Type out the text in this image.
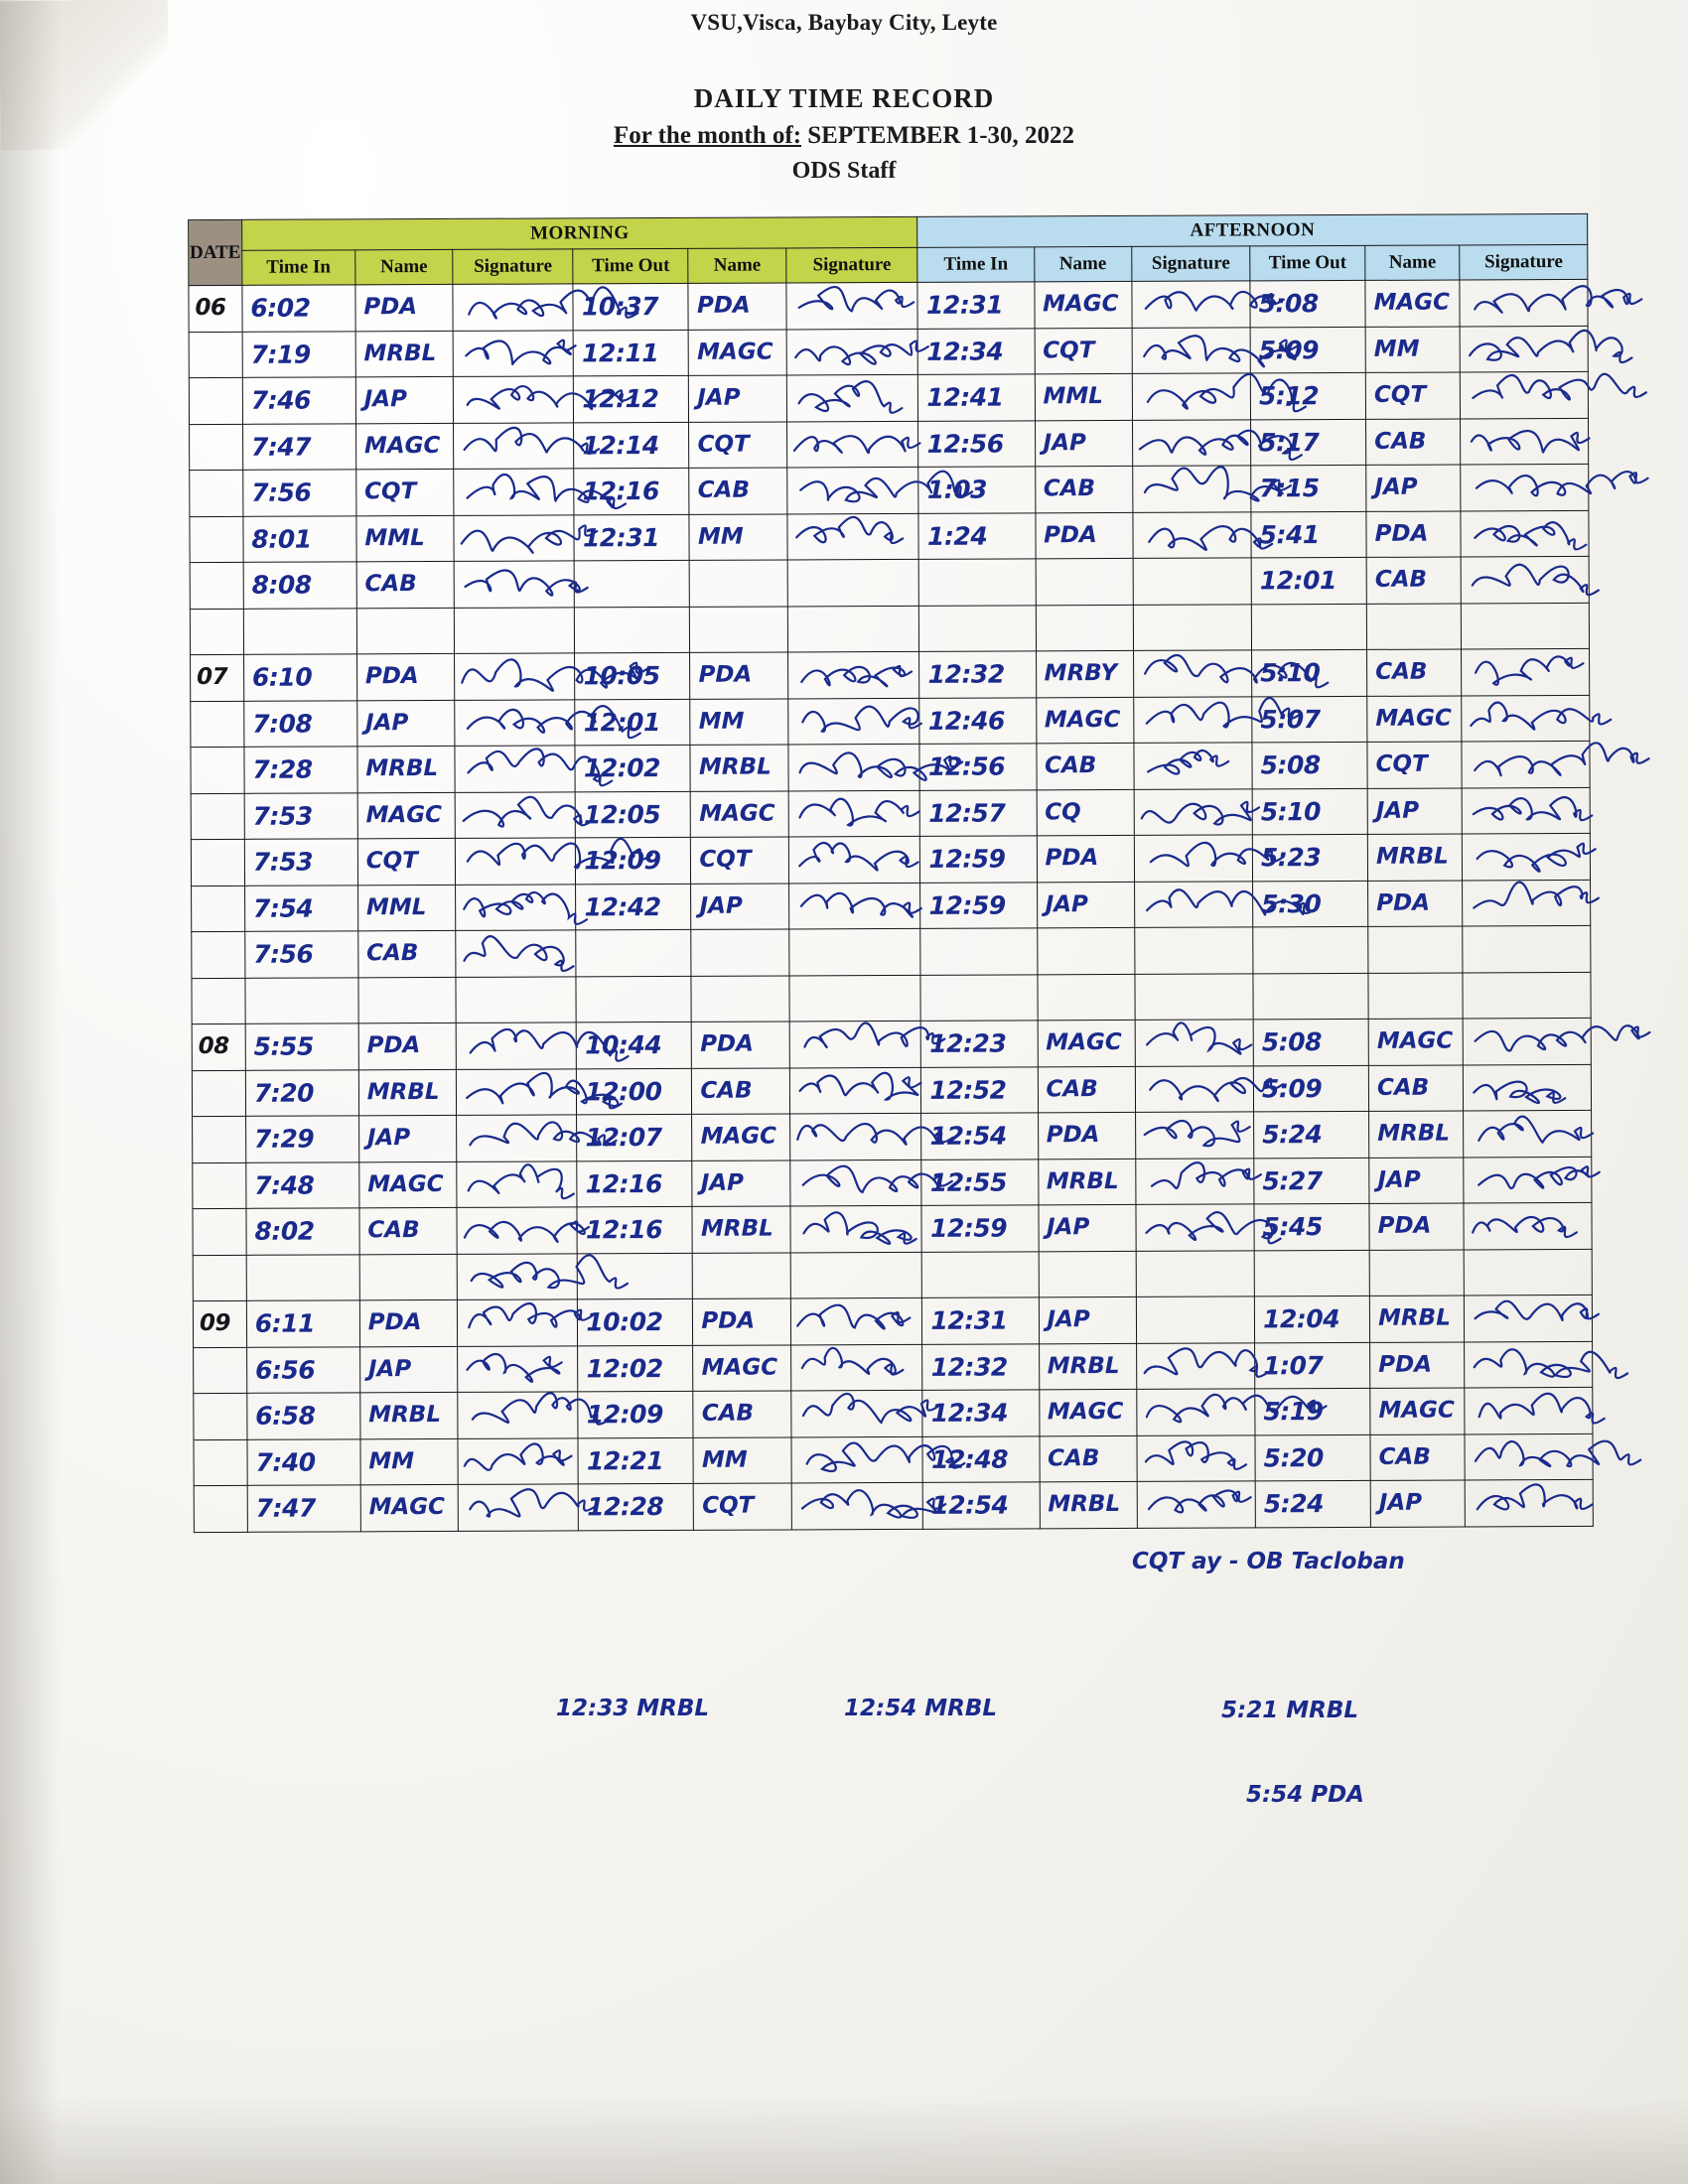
VSU,Visca, Baybay City, Leyte
DAILY TIME RECORD
For the month of: SEPTEMBER 1-30, 2022
ODS Staff
DATE	MORNING						AFTERNOON					
	Time In	Name	Signature	Time Out	Name	Signature	Time In	Name	Signature	Time Out	Name	Signature

06	6:02	PDA		10:37	PDA		12:31	MAGC		5:08	MAGC

	7:19	MRBL		12:11	MAGC		12:34	CQT		5:09	MM

	7:46	JAP		12:12	JAP		12:41	MML		5:12	CQT

	7:47	MAGC		12:14	CQT		12:56	JAP		5:17	CAB

	7:56	CQT		12:16	CAB		1:03	CAB		7:15	JAP

	8:01	MML		12:31	MM		1:24	PDA		5:41	PDA

	8:08	CAB								12:01	CAB

07	6:10	PDA		10:05	PDA		12:32	MRBY		5:10	CAB

	7:08	JAP		12:01	MM		12:46	MAGC		5:07	MAGC

	7:28	MRBL		12:02	MRBL		12:56	CAB		5:08	CQT

	7:53	MAGC		12:05	MAGC		12:57	CQ		5:10	JAP

	7:53	CQT		12:09	CQT		12:59	PDA		5:23	MRBL

	7:54	MML		12:42	JAP		12:59	JAP		5:30	PDA

	7:56	CAB

08	5:55	PDA		10:44	PDA		12:23	MAGC		5:08	MAGC

	7:20	MRBL		12:00	CAB		12:52	CAB		5:09	CAB

	7:29	JAP		12:07	MAGC		12:54	PDA		5:24	MRBL

	7:48	MAGC		12:16	JAP		12:55	MRBL		5:27	JAP

	8:02	CAB		12:16	MRBL		12:59	JAP		5:45	PDA

09	6:11	PDA		10:02	PDA		12:31	JAP		12:04	MRBL

	6:56	JAP		12:02	MAGC		12:32	MRBL		1:07	PDA

	6:58	MRBL		12:09	CAB		12:34	MAGC		5:19	MAGC

	7:40	MM		12:21	MM		12:48	CAB		5:20	CAB

	7:47	MAGC		12:28	CQT		12:54	MRBL		5:24	JAP

CQT ay - OB Tacloban
12:33 MRBL	12:54 MRBL	5:21 MRBL
5:54 PDA
